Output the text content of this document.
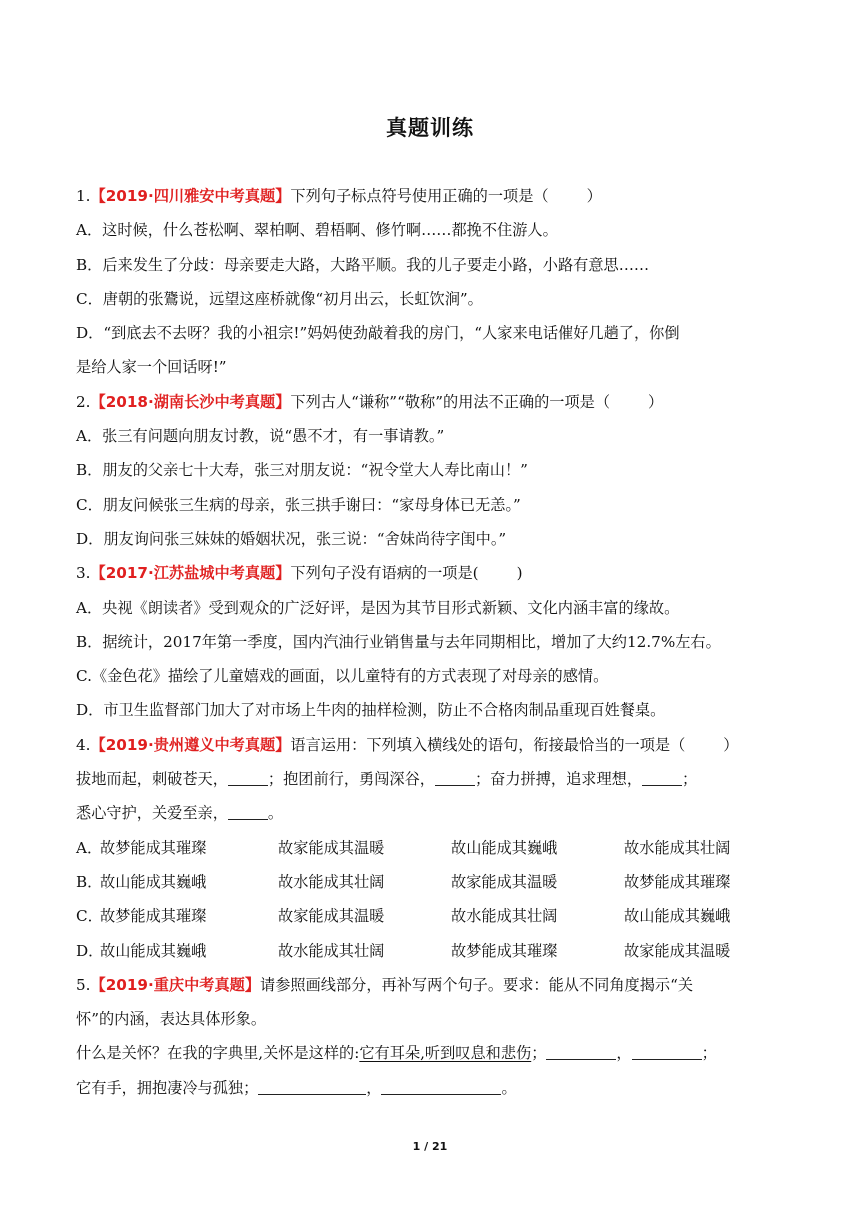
真题训练
1.【2019·四川雅安中考真题】下列句子标点符号使用正确的一项是（	）
A．这时候，什么苍松啊、翠柏啊、碧梧啊、修竹啊……都挽不住游人。
B．后来发生了分歧：母亲要走大路，大路平顺。我的儿子要走小路，小路有意思……
C．唐朝的张鷟说，远望这座桥就像“初月出云，长虹饮涧”。
D．“到底去不去呀？我的小祖宗!”妈妈使劲敲着我的房门，“人家来电话催好几趟了，你倒
是给人家一个回话呀!”
2.【2018·湖南长沙中考真题】下列古人“谦称”“敬称”的用法不正确的一项是（	）
A．张三有问题向朋友讨教，说“愚不才，有一事请教。”
B．朋友的父亲七十大寿，张三对朋友说：“祝令堂大人寿比南山！”
C．朋友问候张三生病的母亲，张三拱手谢曰：“家母身体已无恙。”
D．朋友询问张三妹妹的婚姻状况，张三说：“舍妹尚待字闺中。”
3.【2017·江苏盐城中考真题】下列句子没有语病的一项是(	)
A．央视《朗读者》受到观众的广泛好评，是因为其节目形式新颖、文化内涵丰富的缘故。
B．据统计，2017年第一季度，国内汽油行业销售量与去年同期相比，增加了大约12.7%左右。
C.《金色花》描绘了儿童嬉戏的画面，以儿童特有的方式表现了对母亲的感情。
D．市卫生监督部门加大了对市场上牛肉的抽样检测，防止不合格肉制品重现百姓餐桌。
4.【2019·贵州遵义中考真题】语言运用：下列填入横线处的语句，衔接最恰当的一项是（	）
拔地而起，刺破苍天，	；抱团前行，勇闯深谷，	；奋力拼搏，追求理想，	；
悉心守护，关爱至亲，	。
A．
故梦能成其璀璨	故家能成其温暖	故山能成其巍峨	故水能成其壮阔
B．
故山能成其巍峨	故水能成其壮阔	故家能成其温暖	故梦能成其璀璨
C．
故梦能成其璀璨	故家能成其温暖	故水能成其壮阔	故山能成其巍峨
D．
故山能成其巍峨	故水能成其壮阔	故梦能成其璀璨	故家能成其温暖
5.【2019·重庆中考真题】请参照画线部分，再补写两个句子。要求：能从不同角度揭示“关
怀”的内涵，表达具体形象。
什么是关怀？在我的字典里,关怀是这样的:它有耳朵,听到叹息和悲伤；	，	；
它有手，拥抱凄冷与孤独；	，	。
1 / 21
